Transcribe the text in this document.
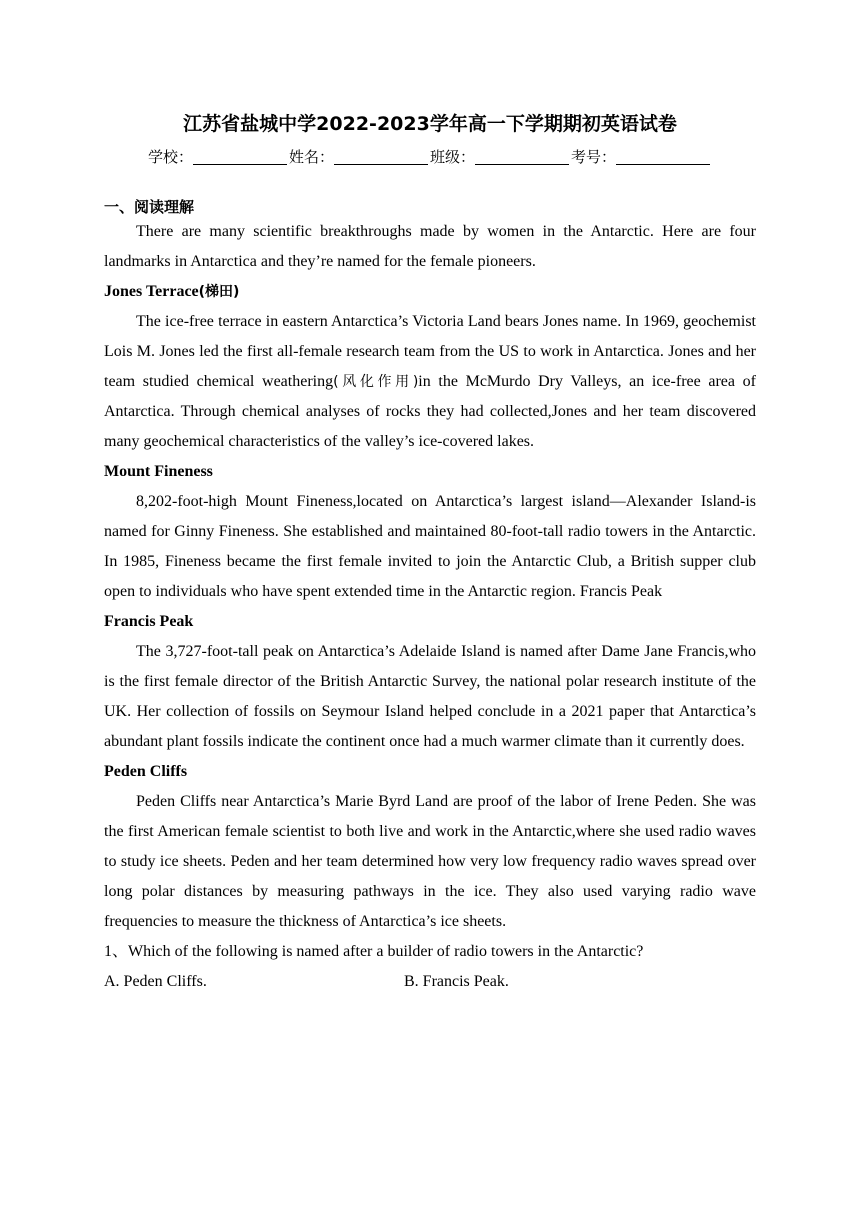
江苏省盐城中学2022-2023学年高一下学期期初英语试卷
学校：	姓名：	班级：	考号：
一、阅读理解

There are many scientific breakthroughs made by women in the Antarctic. Here are four landmarks in Antarctica and they’re named for the female pioneers.

Jones Terrace(梯田)

The ice-free terrace in eastern Antarctica’s Victoria Land bears Jones name. In 1969, geochemist Lois M. Jones led the first all-female research team from the US to work in Antarctica. Jones and her team studied chemical weathering(风化作用)in the McMurdo Dry Valleys, an ice-free area of Antarctica. Through chemical analyses of rocks they had collected,Jones and her team discovered many geochemical characteristics of the valley’s ice-covered lakes.

Mount Fineness

8,202-foot-high Mount Fineness,located on Antarctica’s largest island—Alexander Island-is named for Ginny Fineness. She established and maintained 80-foot-tall radio towers in the Antarctic. In 1985, Fineness became the first female invited to join the Antarctic Club, a British supper club open to individuals who have spent extended time in the Antarctic region. Francis Peak

Francis Peak

The 3,727-foot-tall peak on Antarctica’s Adelaide Island is named after Dame Jane Francis,who is the first female director of the British Antarctic Survey, the national polar research institute of the UK. Her collection of fossils on Seymour Island helped conclude in a 2021 paper that Antarctica’s abundant plant fossils indicate the continent once had a much warmer climate than it currently does.

Peden Cliffs

Peden Cliffs near Antarctica’s Marie Byrd Land are proof of the labor of Irene Peden. She was the first American female scientist to both live and work in the Antarctic,where she used radio waves to study ice sheets. Peden and her team determined how very low frequency radio waves spread over long polar distances by measuring pathways in the ice. They also used varying radio wave frequencies to measure the thickness of Antarctica’s ice sheets.

1、Which of the following is named after a builder of radio towers in the Antarctic?

A. Peden Cliffs.	B. Francis Peak.
